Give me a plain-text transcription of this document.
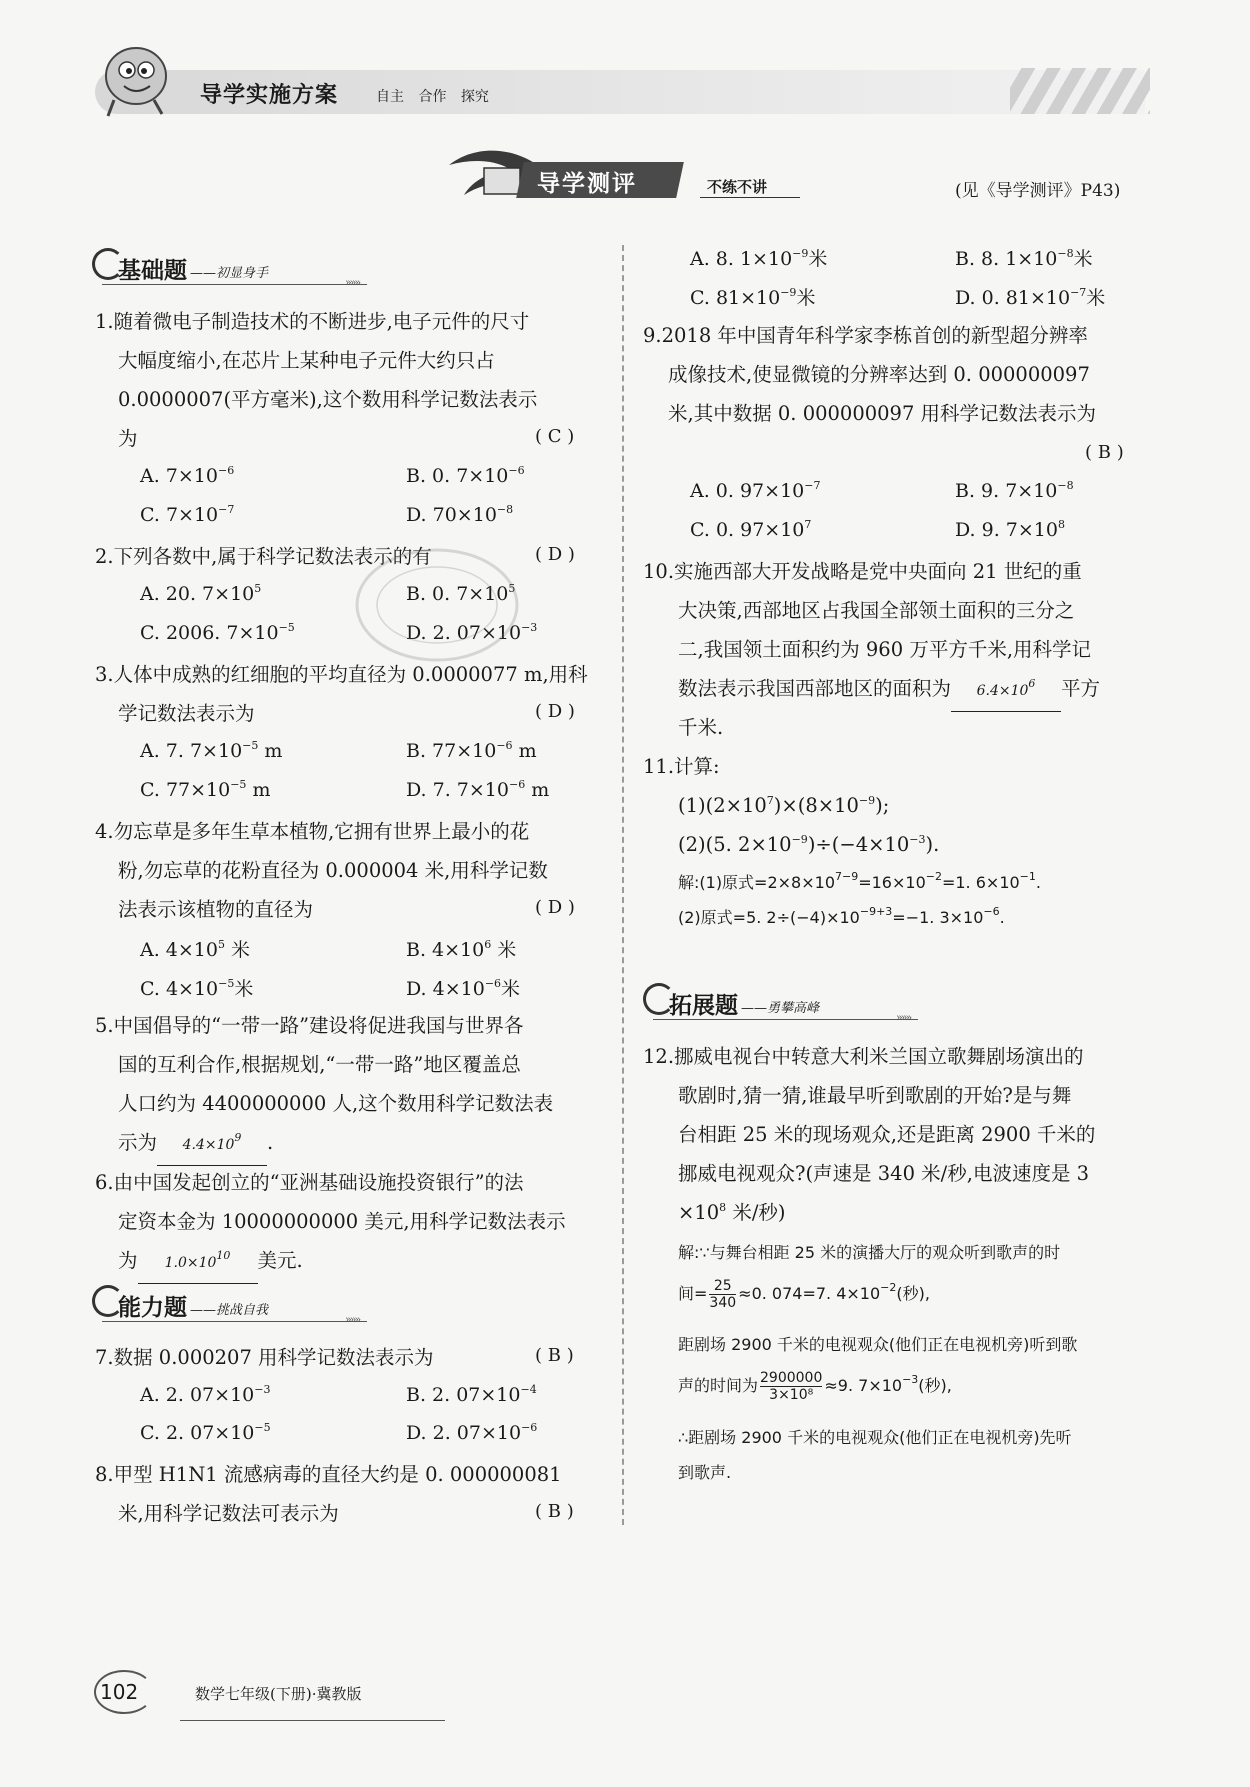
导学实施方案	自主 合作 探究
导学测评	不练不讲	(见《导学测评》P43)
基础题 ——初显身手
»»»
1.随着微电子制造技术的不断进步,电子元件的尺寸
大幅度缩小,在芯片上某种电子元件大约只占
0.0000007(平方毫米),这个数用科学记数法表示
为	( C )
A. $7\times 10^{-6}$	B. 0. $7\times 10^{-6}$
C. $7\times 10^{-7}$	D. $70\times 10^{-8}$
2.下列各数中,属于科学记数法表示的有	( D )
A. 20. $7\times 10^5$	B. 0. $7\times 10^5$
C. 2006. $7\times 10^{-5}$	D. 2. $07\times 10^{-3}$
3.人体中成熟的红细胞的平均直径为 0.0000077 m,用科
学记数法表示为	( D )
A. 7. $7\times 10^{-5}$ m	B. $77\times 10^{-6}$ m
C. $77\times 10^{-5}$ m	D. 7. $7\times 10^{-6}$ m
4.勿忘草是多年生草本植物,它拥有世界上最小的花
粉,勿忘草的花粉直径为 0.000004 米,用科学记数
法表示该植物的直径为	( D )
A. $4\times 10^5$ 米	B. $4\times 10^6$ 米
C. $4\times 10^{-5}$米	D. $4\times 10^{-6}$米
5.中国倡导的“一带一路”建设将促进我国与世界各
国的互利合作,根据规划,“一带一路”地区覆盖总
人口约为 4400000000 人,这个数用科学记数法表
示为 $4.4\times 10^9$ .
6.由中国发起创立的“亚洲基础设施投资银行”的法
定资本金为 10000000000 美元,用科学记数法表示
为 $1.0\times 10^{10}$ 美元.
能力题 ——挑战自我
»»»
7.数据 0.000207 用科学记数法表示为	( B )
A. 2. $07\times 10^{-3}$	B. 2. $07\times 10^{-4}$
C. 2. $07\times 10^{-5}$	D. 2. $07\times 10^{-6}$
8.甲型 H1N1 流感病毒的直径大约是 0. 000000081
米,用科学记数法可表示为	( B )
A. 8. $1\times 10^{-9}$米	B. 8. $1\times 10^{-8}$米
C. $81\times 10^{-9}$米	D. 0. $81\times 10^{-7}$米
9.2018 年中国青年科学家李栋首创的新型超分辨率
成像技术,使显微镜的分辨率达到 0. 000000097
米,其中数据 0. 000000097 用科学记数法表示为
( B )
A. 0. $97\times 10^{-7}$	B. 9. $7\times 10^{-8}$
C. 0. $97\times 10^7$	D. 9. $7\times 10^8$
10.实施西部大开发战略是党中央面向 21 世纪的重
大决策,西部地区占我国全部领土面积的三分之
二,我国领土面积约为 960 万平方千米,用科学记
数法表示我国西部地区的面积为 $6.4\times 10^6$ 平方
千米.
11.计算:
$(1)(2\times 10^7)\times(8\times 10^{-9})$;
(2)(5. $2\times 10^{-9})\div(-4\times 10^{-3})$.
解:(1)原式$=2\times 8\times 10^{7-9}=16\times 10^{-2}=1$. $6\times 10^{-1}$.
(2)原式=5. $2\div(-4)\times 10^{-9+3}=-1$. $3\times 10^{-6}$.
拓展题 ——勇攀高峰
»»»
12.挪威电视台中转意大利米兰国立歌舞剧场演出的
歌剧时,猜一猜,谁最早听到歌剧的开始?是与舞
台相距 25 米的现场观众,还是距离 2900 千米的
挪威电视观众?(声速是 340 米/秒,电波速度是 3
$\times 10^8$ 米/秒)
解:∵与舞台相距 25 米的演播大厅的观众听到歌声的时
间= $\frac{25}{340} \approx 0$. 074=7. $4\times 10^{-2}$(秒),
距剧场 2900 千米的电视观众(他们正在电视机旁)听到歌
声的时间为 $\frac{2900000}{\text{3×10⁸}} \approx 9$. $7\times 10^{-3}$(秒),
∴距剧场 2900 千米的电视观众(他们正在电视机旁)先听
到歌声.
102	数学七年级(下册)·冀教版
